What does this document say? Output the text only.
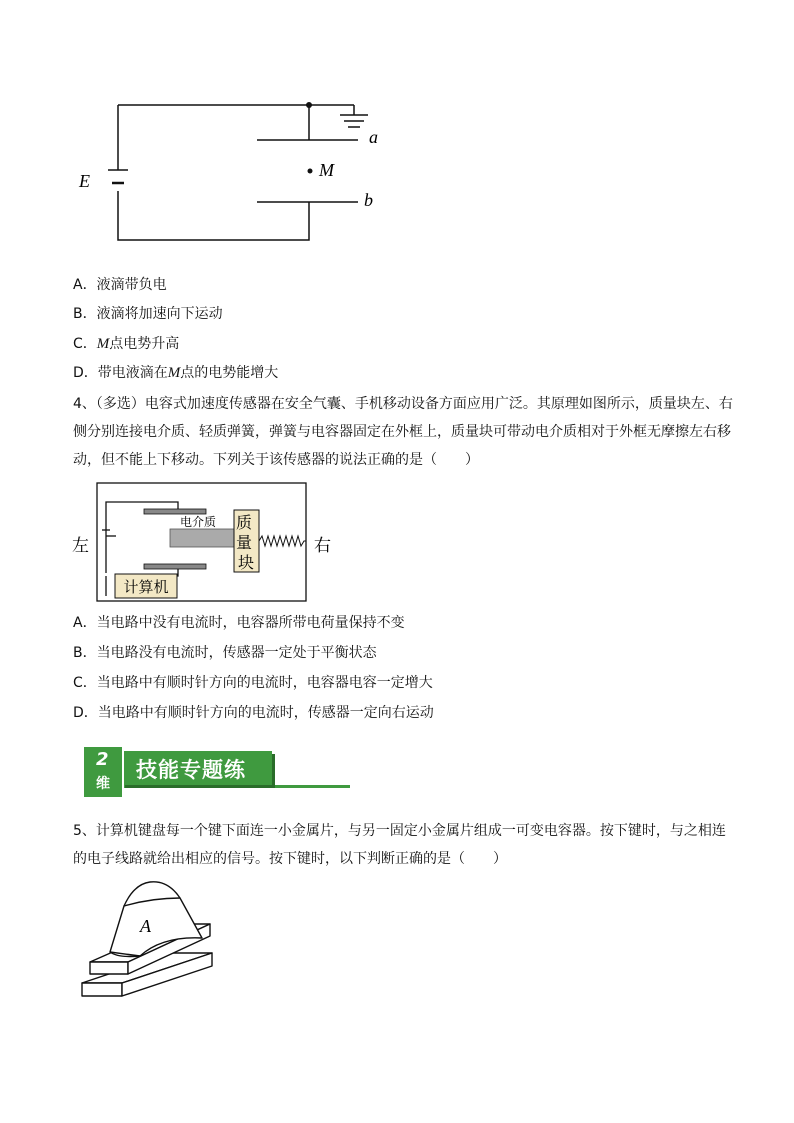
a
M
b
E
A．液滴带负电
B．液滴将加速向下运动
C．M点电势升高
D．带电液滴在M点的电势能增大
4、（多选）电容式加速度传感器在安全气囊、手机移动设备方面应用广泛。其原理如图所示，质量块左、右侧分别连接电介质、轻质弹簧，弹簧与电容器固定在外框上，质量块可带动电介质相对于外框无摩擦左右移动，但不能上下移动。下列关于该传感器的说法正确的是（　　）
左	右
电介质 质 量 块
计算机
A．当电路中没有电流时，电容器所带电荷量保持不变
B．当电路没有电流时，传感器一定处于平衡状态
C．当电路中有顺时针方向的电流时，电容器电容一定增大
D．当电路中有顺时针方向的电流时，传感器一定向右运动
技能专题练
2
维
5、计算机键盘每一个键下面连一小金属片，与另一固定小金属片组成一可变电容器。按下键时，与之相连的电子线路就给出相应的信号。按下键时，以下判断正确的是（　　）
A
